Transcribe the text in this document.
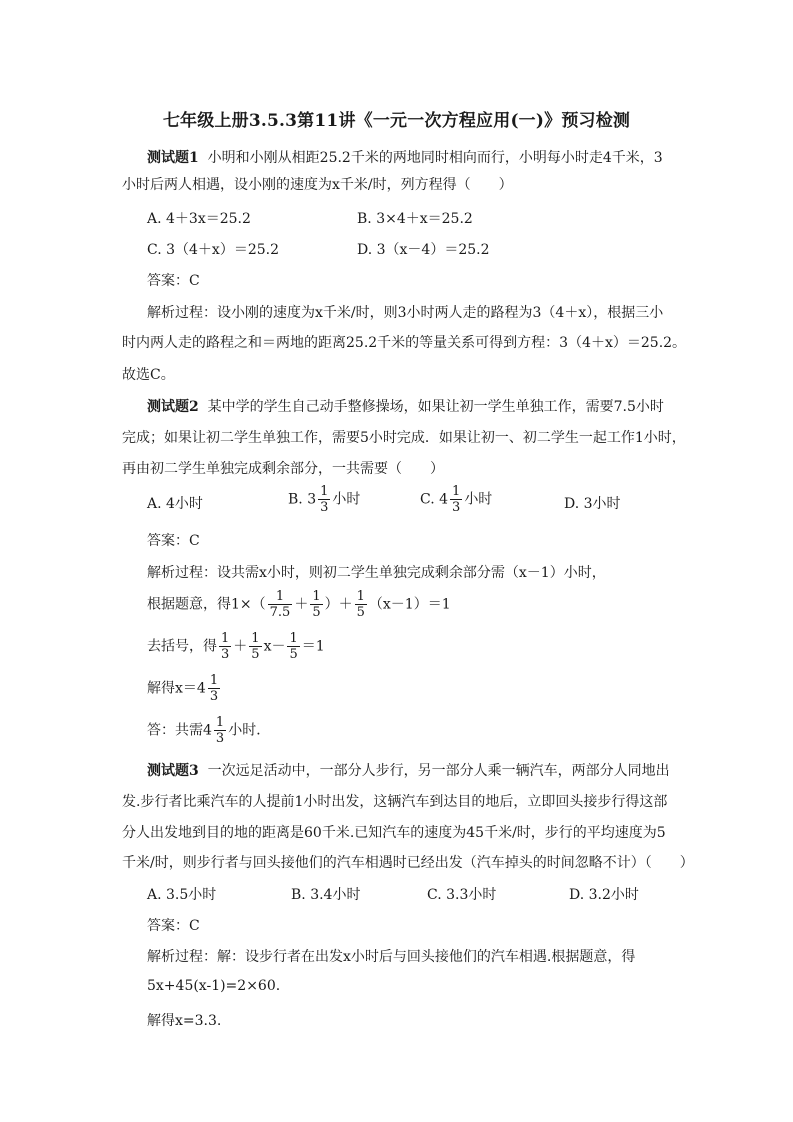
七年级上册3.5.3第11讲《一元一次方程应用(一)》预习检测
测试题1 小明和小刚从相距25.2千米的两地同时相向而行，小明每小时走4千米，3
小时后两人相遇，设小刚的速度为x千米/时，列方程得（　　）
A. 4＋3x＝25.2	B. 3×4＋x＝25.2
C. 3（4＋x）＝25.2	D. 3（x－4）＝25.2
答案：C
解析过程：设小刚的速度为x千米/时，则3小时两人走的路程为3（4＋x），根据三小
时内两人走的路程之和＝两地的距离25.2千米的等量关系可得到方程：3（4＋x）＝25.2。
故选C。
测试题2 某中学的学生自己动手整修操场，如果让初一学生单独工作，需要7.5小时
完成；如果让初二学生单独工作，需要5小时完成．如果让初一、初二学生一起工作1小时，
再由初二学生单独完成剩余部分，一共需要（　　）
A. 4小时	B. $3 \frac{1}{3}$ 小时	C. $4 \frac{1}{3}$ 小时	D. 3小时
答案：C
解析过程：设共需x小时，则初二学生单独完成剩余部分需（x－1）小时，
根据题意，得$1\times( \frac{1}{7.5} + \frac{1}{5}$ ）＋ $\frac{1}{5} (x-1)=1$
去括号，得 $\frac{1}{3} + \frac{1}{5} x- \frac{1}{5} =1$
解得$x=4 \frac{1}{3}$
答：共需$4 \frac{1}{3}$ 小时．
测试题3 一次远足活动中，一部分人步行，另一部分人乘一辆汽车，两部分人同地出
发.步行者比乘汽车的人提前1小时出发，这辆汽车到达目的地后，立即回头接步行得这部
分人出发地到目的地的距离是60千米.已知汽车的速度为45千米/时，步行的平均速度为5
千米/时，则步行者与回头接他们的汽车相遇时已经出发（汽车掉头的时间忽略不计）（　　）
A. 3.5小时	B. 3.4小时	C. 3.3小时	D. 3.2小时
答案：C
解析过程：解：设步行者在出发x小时后与回头接他们的汽车相遇.根据题意，得
5x+45(x-1)=2×60.
解得x=3.3.
